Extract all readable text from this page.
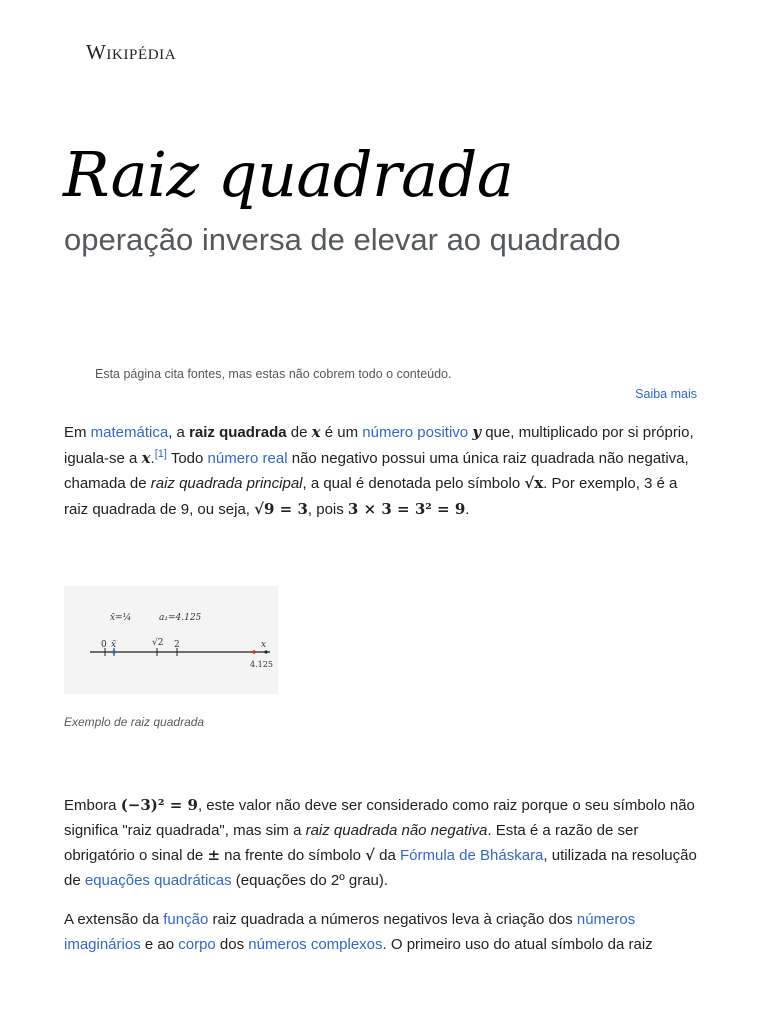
Wikipédia
Raiz quadrada

operação inversa de elevar ao quadrado

Esta página cita fontes, mas estas não cobrem todo o conteúdo.
Saiba mais

Em matemática, a raiz quadrada de x é um número positivo y que, multiplicado por si próprio, iguala-se a x.[1] Todo número real não negativo possui uma única raiz quadrada não negativa, chamada de raiz quadrada principal, a qual é denotada pelo símbolo √x. Por exemplo, 3 é a raiz quadrada de 9, ou seja, √9 = 3, pois 3 × 3 = 3² = 9.

x̄=¼	a₁=4.125
0 x̄	√2 2	x
4.125
Exemplo de raiz quadrada

Embora (−3)² = 9, este valor não deve ser considerado como raiz porque o seu símbolo não significa "raiz quadrada", mas sim a raiz quadrada não negativa. Esta é a razão de ser obrigatório o sinal de ± na frente do símbolo √ da Fórmula de Bháskara, utilizada na resolução de equações quadráticas (equações do 2º grau).

A extensão da função raiz quadrada a números negativos leva à criação dos números imaginários e ao corpo dos números complexos. O primeiro uso do atual símbolo da raiz
